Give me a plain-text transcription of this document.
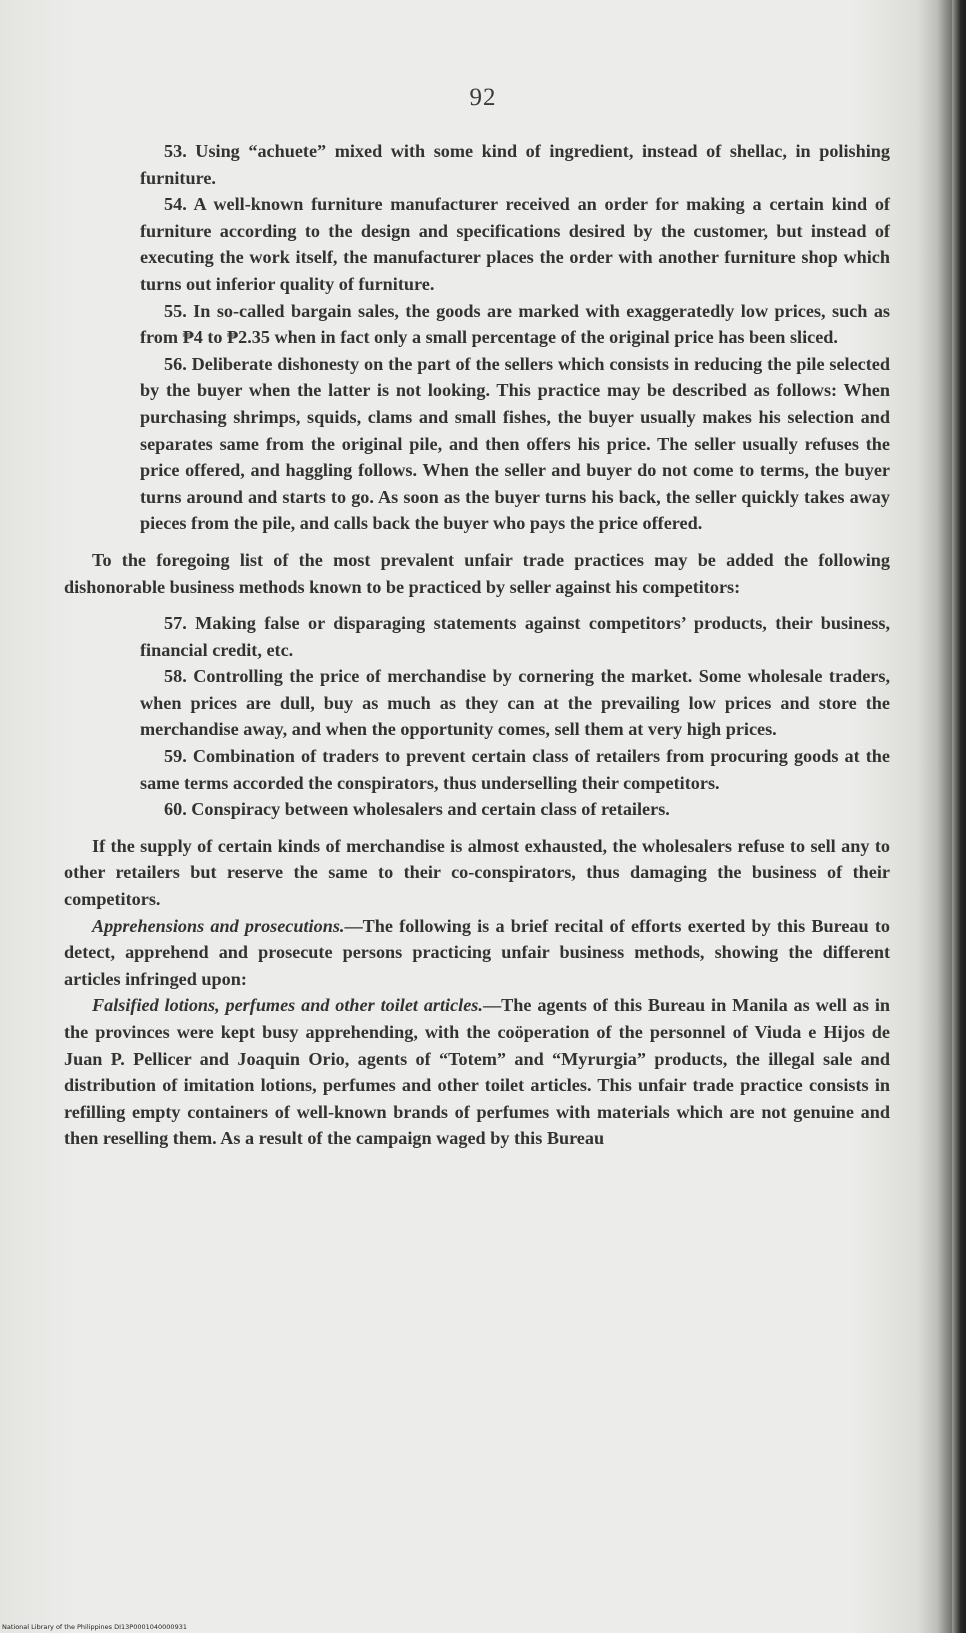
92

53. Using “achuete” mixed with some kind of ingredient, instead of shellac, in polishing furniture.

54. A well-known furniture manufacturer received an order for making a certain kind of furniture according to the design and specifications desired by the customer, but instead of executing the work itself, the manufacturer places the order with another furniture shop which turns out inferior quality of furniture.

55. In so-called bargain sales, the goods are marked with exaggeratedly low prices, such as from ₱4 to ₱2.35 when in fact only a small percentage of the original price has been sliced.

56. Deliberate dishonesty on the part of the sellers which consists in reducing the pile selected by the buyer when the latter is not looking. This practice may be described as follows: When purchasing shrimps, squids, clams and small fishes, the buyer usually makes his selection and separates same from the original pile, and then offers his price. The seller usually refuses the price offered, and haggling follows. When the seller and buyer do not come to terms, the buyer turns around and starts to go. As soon as the buyer turns his back, the seller quickly takes away pieces from the pile, and calls back the buyer who pays the price offered.

To the foregoing list of the most prevalent unfair trade practices may be added the following dishonorable business methods known to be practiced by seller against his competitors:

57. Making false or disparaging statements against competitors’ products, their business, financial credit, etc.

58. Controlling the price of merchandise by cornering the market. Some wholesale traders, when prices are dull, buy as much as they can at the prevailing low prices and store the merchandise away, and when the opportunity comes, sell them at very high prices.

59. Combination of traders to prevent certain class of retailers from procuring goods at the same terms accorded the conspirators, thus underselling their competitors.

60. Conspiracy between wholesalers and certain class of retailers.

If the supply of certain kinds of merchandise is almost exhausted, the wholesalers refuse to sell any to other retailers but reserve the same to their co-conspirators, thus damaging the business of their competitors.

Apprehensions and prosecutions.—The following is a brief recital of efforts exerted by this Bureau to detect, apprehend and prosecute persons practicing unfair business methods, showing the different articles infringed upon:

Falsified lotions, perfumes and other toilet articles.—The agents of this Bureau in Manila as well as in the provinces were kept busy apprehending, with the coöperation of the personnel of Viuda e Hijos de Juan P. Pellicer and Joaquin Orio, agents of “Totem” and “Myrurgia” products, the illegal sale and distribution of imitation lotions, perfumes and other toilet articles. This unfair trade practice consists in refilling empty containers of well-known brands of perfumes with materials which are not genuine and then reselling them. As a result of the campaign waged by this Bureau

National Library of the Philippines DI13P0001040000931
